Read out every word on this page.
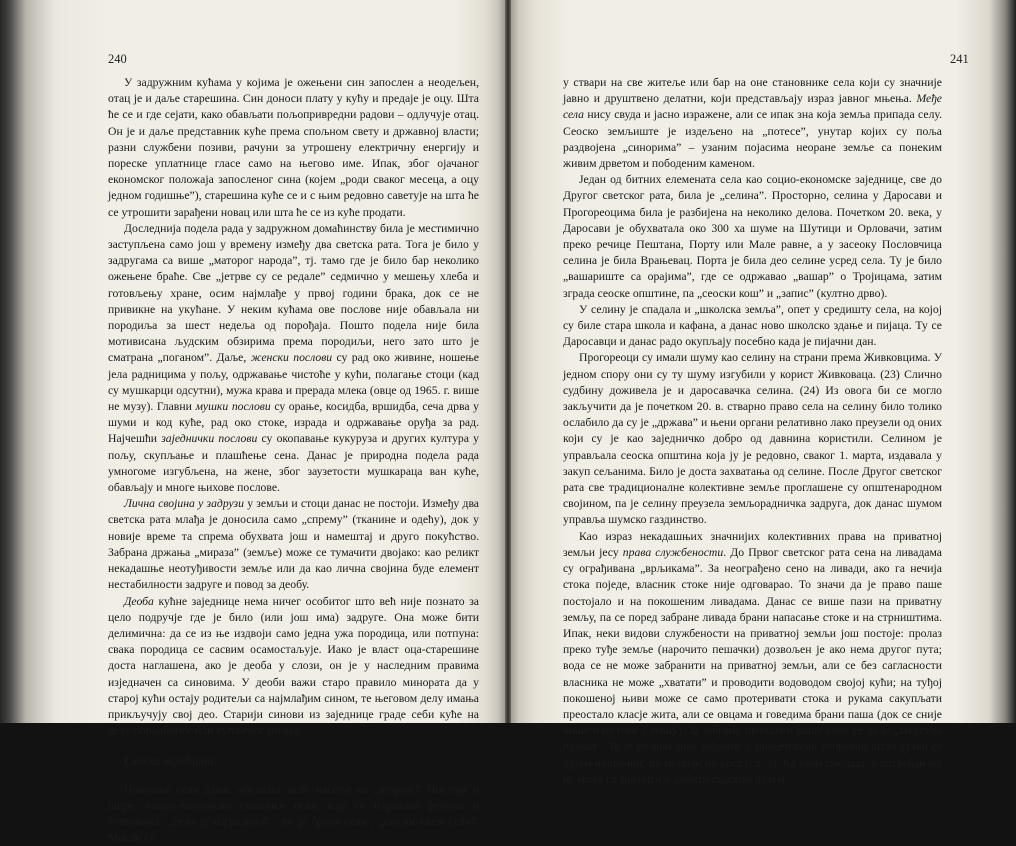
240

У задружним кућама у којима је ожењени син запослен а неодељен, отац је и даље старешина. Син доноси плату у кућу и предаје је оцу. Шта ће се и где сејати, како обављати пољопривредни радови – одлучује отац. Он је и даље представник куће према спољном свету и државној власти; разни службени позиви, рачуни за утрошену електричну енергију и пореске уплатнице гласе само на његово име. Ипак, због ојачаног економског положаја запосленог сина (којем „роди сваког месеца, а оцу једном годишње”), старешина куће се и с њим редовно саветује на шта ће се утрошити зарађени новац или шта ће се из куће продати.

Доследнија подела рада у задружном домаћинству била је местимично заступљена само још у времену између два светска рата. Тога је било у задругама са више „матoрог народа”, тј. тамо где је било бар неколико ожењене браће. Све „јетрве су се редале” седмично у мешењу хлеба и готовљењу хране, осим најмлађе у првој години брака, док се не привикне на укућане. У неким кућама ове послове није обављала ни породиља за шест недеља од порођаја. Пошто подела није била мотивисана људским обзирима према породиљи, него зато што је сматрана „поганом”. Даље, женски послови су рад око живине, ношење јела радницима у пољу, одржавање чистоће у кући, полагање стоци (кад су мушкарци одсутни), мужа крава и прерада млека (овце од 1965. г. више не музу). Главни мушки послови су орање, косидба, вршидба, сеча дрва у шуми и код куће, рад око стоке, израда и одржавање оруђа за рад. Најчешћи заједнички послови су окопавање кукуруза и других култура у пољу, скупљање и плашћење сена. Данас је природна подела рада умногоме изгубљена, на жене, због заузетости мушкараца ван куће, обављају и многе њихове послове.

Лична својина у задрузи у земљи и стоци данас не постоји. Између два светска рата млађа је доносила само „спрему” (тканине и одећу), док у новије време та спрема обухвата још и намештај и друго покућство. Забрана држања „мираза” (земље) може се тумачити двојако: као реликт некадашње неотуђивости земље или да као лична својина буде елемент нестабилности задруге и повод за деобу.

Деоба кућне заједнице нема ничег особитог што већ није познато за цело подручје где је било (или још има) задруге. Она може бити делимична: да се из ње издвоји само једна ужа породица, или потпуна: свака породица се сасвим осамостаљује. Иако је власт оца-старешине доста наглашена, ако је деоба у слози, он је у наследним правима изједначен са синовима. У деоби важи старо правило минората да у старој кући остају родитељи са најмлађим сином, те његовом делу имања прикључују свој део. Старији синови из заједнице граде себи куће на делу породичног или купљеног имања.

Сеоска заједница

Поимање села данас обухвата цело насеље са „атаром.” Постоји и шире, социо-економско схватање села, које се изражава речима и ставовима: „село је изградило”, „то је брига села”, „служи свем селу”. Мисли се

241

у ствари на све житеље или бар на оне становнике села који су значније јавно и друштвено делатни, који представљају израз јавног мњења. Међе села нису свуда и јасно изражене, али се ипак зна која земља припада селу. Сеоско земљиште је издељено на „потесе”, унутар којих су поља раздвојена „синорима” – узаним појасима неоране земље са понеким живим дрветом и пободеним каменом.

Један од битних елемената села као социо-економске заједнице, све до Другог светског рата, била је „селина”. Просторно, селина у Даросави и Прогореоцима била је разбијена на неколико делова. Почетком 20. века, у Даросави је обухватала око 300 ха шуме на Шутици и Орловачи, затим преко речице Пештана, Порту или Мале равне, а у засеоку Пословчица селина је била Врањевац. Порта је била део селине усред села. Ту је било „вашариште са орајима”, где се одржавао „вашар” о Тројицама, затим зграда сеоске општине, па „сеоски кош” и „запис” (култно дрво).

У селину је спадала и „школска земља”, опет у средишту села, на којој су биле стара школа и кафана, а данас ново школско здање и пијаца. Ту се Даросавци и данас радо окупљају посебно када је пијачни дан.

Прогореоци су имали шуму као селину на страни према Живковцима. У једном спору они су ту шуму изгубили у корист Живковаца. (23) Слично судбину доживела је и даросавачка селина. (24) Из овога би се могло закључити да је почетком 20. в. стварно право села на селину било толико ослабило да су је „држава” и њени органи релативно лако преузели од оних који су је као заједничко добро од давнина користили. Селином је управљала сеоска општина која ју је редовно, сваког 1. марта, издавала у закуп сељанима. Било је доста захватања од селине. После Другог светског рата све традиционалне колективне земље проглашене су општенародном својином, па је селину преузела земљорадничка задруга, док данас шумом управља шумско газдинство.

Као израз некадашњих значнијих колективних права на приватној земљи јесу права службености. До Првог светског рата сена на ливадама су ограђивана „врљикама”. За неограђено сено на ливади, ако га нечија стока поједе, власник стоке није одговарао. То значи да је право паше постојало и на покошеним ливадама. Данас се више пази на приватну земљу, па се поред забране ливада брани напасање стоке и на стрништима. Ипак, неки видови службености на приватној земљи још постоје: пролаз преко туђе земље (нарочито пешачки) дозвољен је ако нема другог пута; вода се не може забранити на приватној земљи, али се без сагласности власника не може „хватати” и проводити водоводом својој кући; на туђој покошеној њиви може се само протеривати стока и рукама сакупљати преостало класје жита, али се овцама и говедима брани паша (док се сније више и не гоне у пашу). За забрану пролаза и паше каже се да је „закрстио пролаз”. То је правни знак забране: у процепљени усправни штап стави се други попречни, па то личи на крст (сл. 3). Ко нема пролаза, а потребан му је, може га тражити и добити судским путем.
